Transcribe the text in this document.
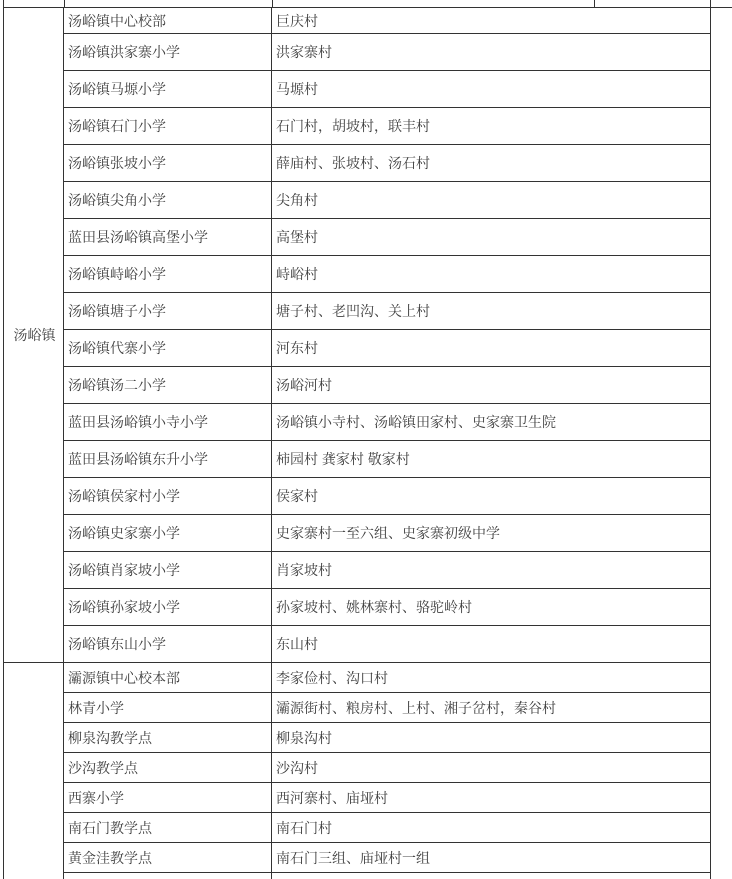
汤峪镇	汤峪镇中心校部	巨庆村
	汤峪镇洪家寨小学	洪家寨村
	汤峪镇马塬小学	马塬村
	汤峪镇石门小学	石门村，胡坡村，联丰村
	汤峪镇张坡小学	薛庙村、张坡村、汤石村
	汤峪镇尖角小学	尖角村
	蓝田县汤峪镇高堡小学	高堡村
	汤峪镇峙峪小学	峙峪村
	汤峪镇塘子小学	塘子村、老凹沟、关上村
	汤峪镇代寨小学	河东村
	汤峪镇汤二小学	汤峪河村
	蓝田县汤峪镇小寺小学	汤峪镇小寺村、汤峪镇田家村、史家寨卫生院
	蓝田县汤峪镇东升小学	柿园村 龚家村 敬家村
	汤峪镇侯家村小学	侯家村
	汤峪镇史家寨小学	史家寨村一至六组、史家寨初级中学
	汤峪镇肖家坡小学	肖家坡村
	汤峪镇孙家坡小学	孙家坡村、姚林寨村、骆驼岭村
	汤峪镇东山小学	东山村
	灞源镇中心校本部	李家俭村、沟口村
	林青小学	灞源街村、粮房村、上村、湘子岔村，秦谷村
	柳泉沟教学点	柳泉沟村
	沙沟教学点	沙沟村
	西寨小学	西河寨村、庙垭村
	南石门教学点	南石门村
	黄金洼教学点	南石门三组、庙垭村一组
